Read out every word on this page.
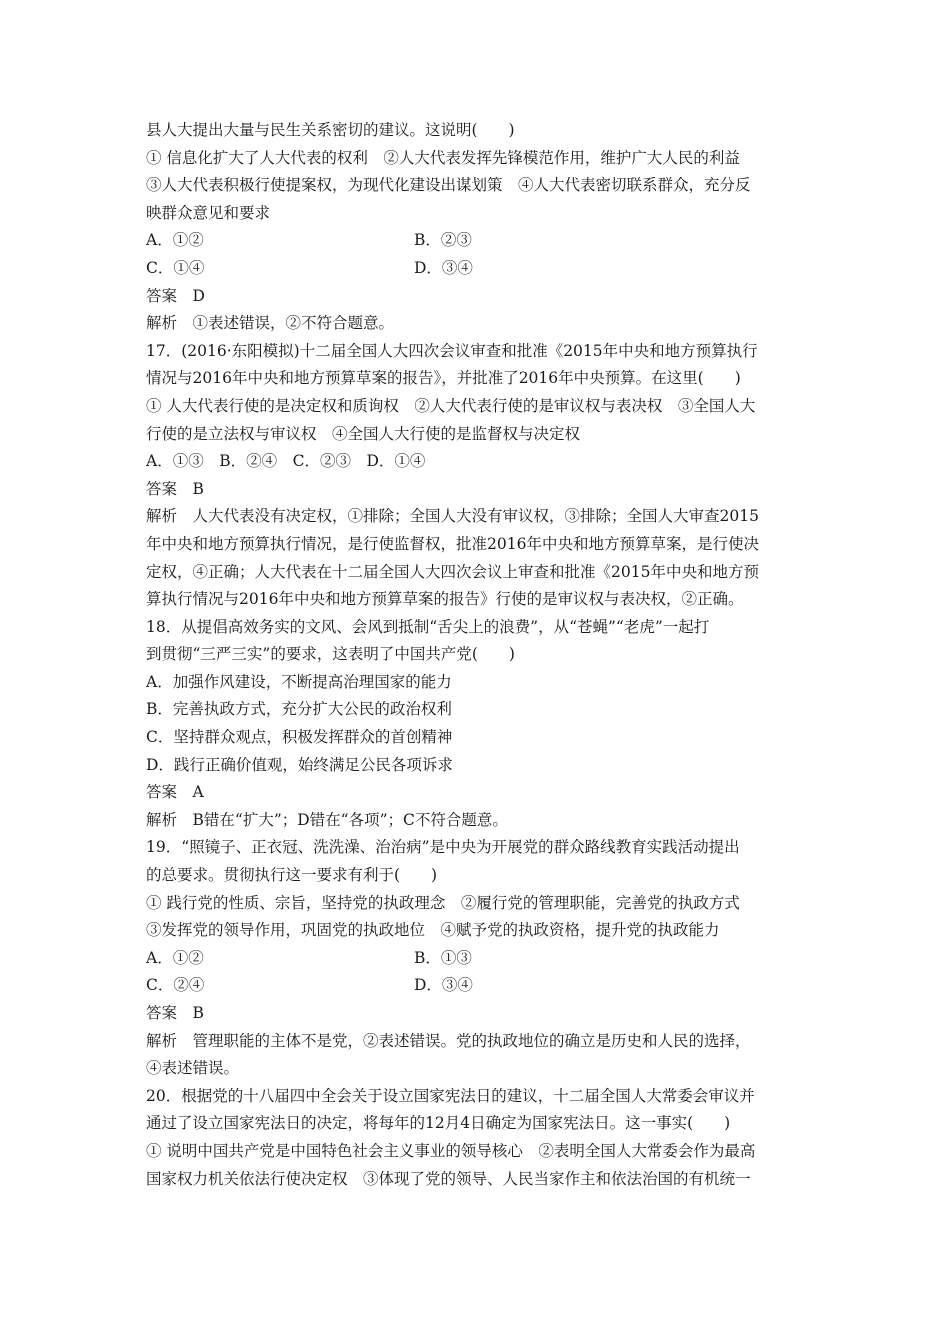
县人大提出大量与民生关系密切的建议。这说明(　　)
① 信息化扩大了人大代表的权利　②人大代表发挥先锋模范作用，维护广大人民的利益
③人大代表积极行使提案权，为现代化建设出谋划策　④人大代表密切联系群众，充分反
映群众意见和要求
A．①②	B．②③
C．①④	D．③④
答案　D
解析　①表述错误，②不符合题意。
17．(2016·东阳模拟)十二届全国人大四次会议审查和批准《2015年中央和地方预算执行
情况与2016年中央和地方预算草案的报告》，并批准了2016年中央预算。在这里(　　)
① 人大代表行使的是决定权和质询权　②人大代表行使的是审议权与表决权　③全国人大
行使的是立法权与审议权　④全国人大行使的是监督权与决定权
A．①③　B．②④　C．②③　D．①④
答案　B
解析　人大代表没有决定权，①排除；全国人大没有审议权，③排除；全国人大审查2015
年中央和地方预算执行情况，是行使监督权，批准2016年中央和地方预算草案，是行使决
定权，④正确；人大代表在十二届全国人大四次会议上审查和批准《2015年中央和地方预
算执行情况与2016年中央和地方预算草案的报告》行使的是审议权与表决权，②正确。
18．从提倡高效务实的文风、会风到抵制“舌尖上的浪费”，从“苍蝇”“老虎”一起打
到贯彻“三严三实”的要求，这表明了中国共产党(　　)
A．加强作风建设，不断提高治理国家的能力
B．完善执政方式，充分扩大公民的政治权利
C．坚持群众观点，积极发挥群众的首创精神
D．践行正确价值观，始终满足公民各项诉求
答案　A
解析　B错在“扩大”；D错在“各项”；C不符合题意。
19．“照镜子、正衣冠、洗洗澡、治治病”是中央为开展党的群众路线教育实践活动提出
的总要求。贯彻执行这一要求有利于(　　)
① 践行党的性质、宗旨，坚持党的执政理念　②履行党的管理职能，完善党的执政方式
③发挥党的领导作用，巩固党的执政地位　④赋予党的执政资格，提升党的执政能力
A．①②	B．①③
C．②④	D．③④
答案　B
解析　管理职能的主体不是党，②表述错误。党的执政地位的确立是历史和人民的选择，
④表述错误。
20．根据党的十八届四中全会关于设立国家宪法日的建议，十二届全国人大常委会审议并
通过了设立国家宪法日的决定，将每年的12月4日确定为国家宪法日。这一事实(　　)
① 说明中国共产党是中国特色社会主义事业的领导核心　②表明全国人大常委会作为最高
国家权力机关依法行使决定权　③体现了党的领导、人民当家作主和依法治国的有机统一
